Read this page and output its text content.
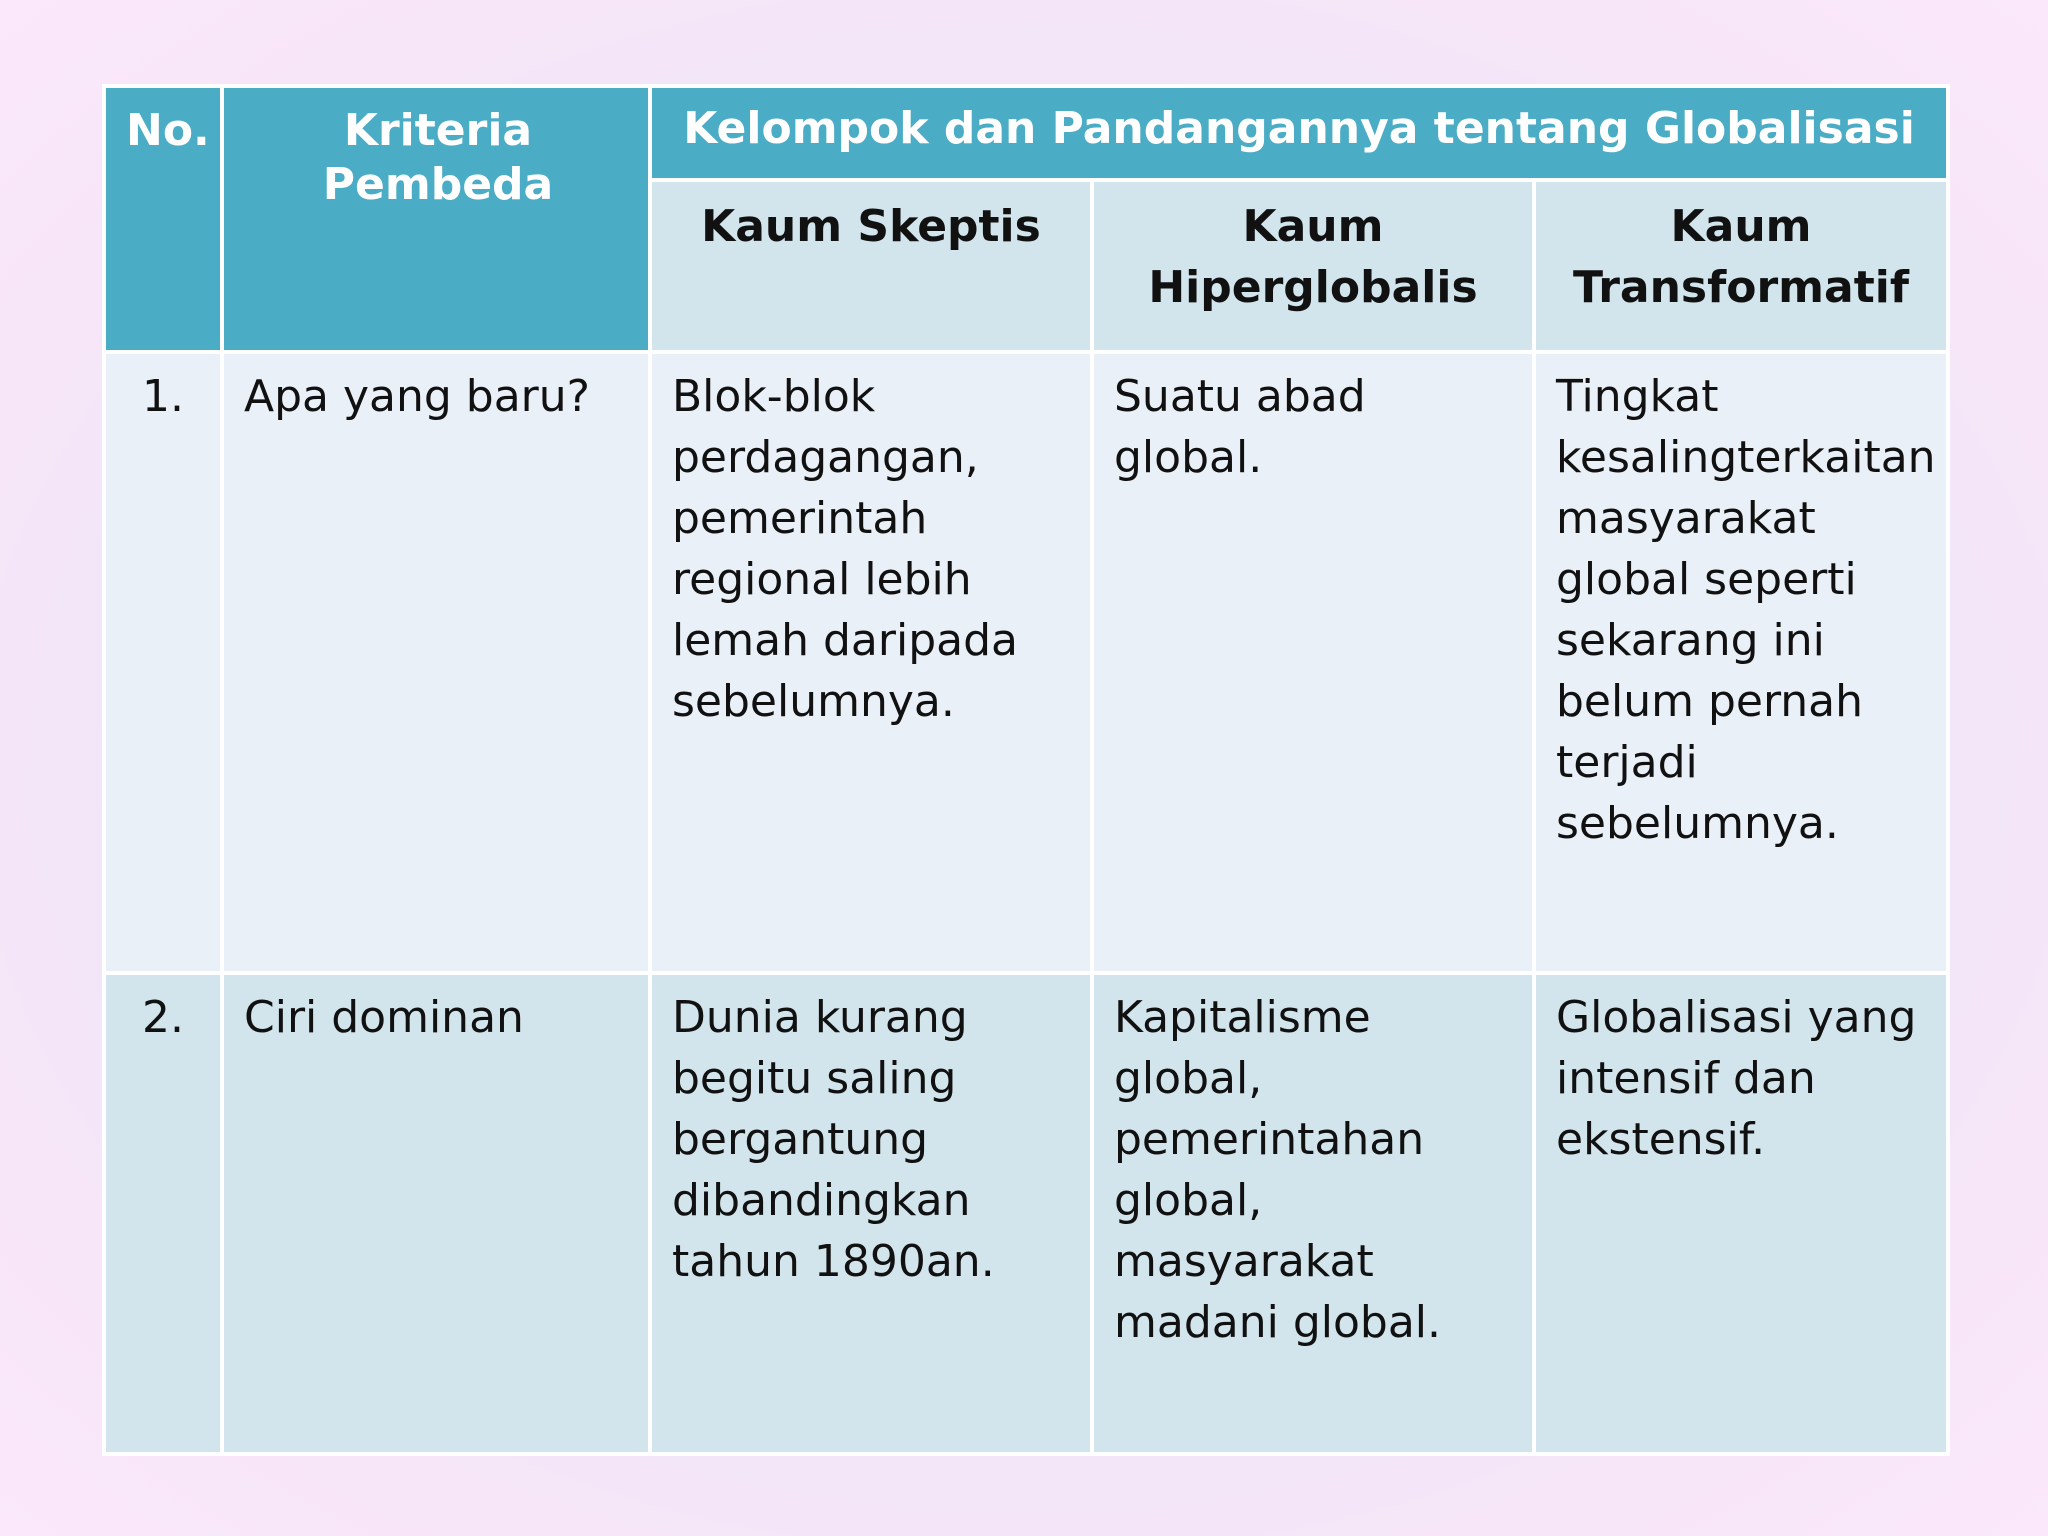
No.	Kriteria Pembeda	Kelompok dan Pandangannya tentang Globalisasi		

		Kaum Skeptis	Kaum Hiperglobalis	Kaum Transformatif

1.	Apa yang baru?	Blok-blok perdagangan, pemerintah regional lebih lemah daripada sebelumnya.	Suatu abad global.	Tingkat kesalingterkaitan masyarakat global seperti sekarang ini belum pernah terjadi sebelumnya.

2.	Ciri dominan	Dunia kurang begitu saling bergantung dibandingkan tahun 1890an.	Kapitalisme global, pemerintahan global, masyarakat madani global.	Globalisasi yang intensif dan ekstensif.
